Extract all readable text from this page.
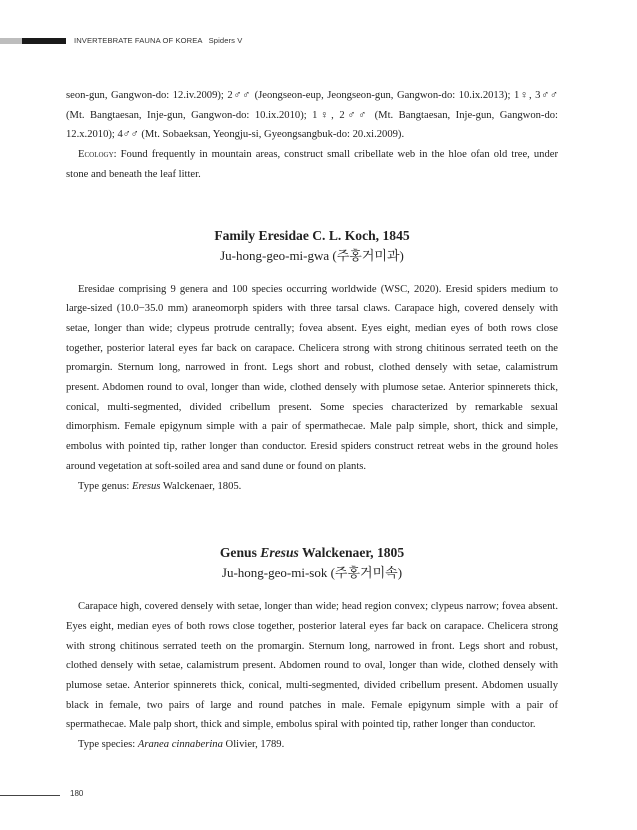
INVERTEBRATE FAUNA OF KOREA Spiders V

seon-gun, Gangwon-do: 12.iv.2009); 2♂♂ (Jeongseon-eup, Jeongseon-gun, Gangwon-do: 10.ix.2013); 1♀, 3♂♂ (Mt. Bangtaesan, Inje-gun, Gangwon-do: 10.ix.2010); 1♀, 2♂♂ (Mt. Bangtaesan, Inje-gun, Gangwon-do: 12.x.2010); 4♂♂ (Mt. Sobaeksan, Yeongju-si, Gyeongsangbuk-do: 20.xi.2009).

Ecology: Found frequently in mountain areas, construct small cribellate web in the hloe ofan old tree, under stone and beneath the leaf litter.

Family Eresidae C. L. Koch, 1845
Ju-hong-geo-mi-gwa (주홍거미과)

Eresidae comprising 9 genera and 100 species occurring worldwide (WSC, 2020). Eresid spiders medium to large-sized (10.0−35.0 mm) araneomorph spiders with three tarsal claws. Carapace high, covered densely with setae, longer than wide; clypeus protrude centrally; fovea absent. Eyes eight, median eyes of both rows close together, posterior lateral eyes far back on carapace. Chelicera strong with strong chitinous serrated teeth on the promargin. Sternum long, narrowed in front. Legs short and robust, clothed densely with setae, calamistrum present. Abdomen round to oval, longer than wide, clothed densely with plumose setae. Anterior spinnerets thick, conical, multi-segmented, divided cribellum present. Some species characterized by remarkable sexual dimorphism. Female epigynum simple with a pair of spermathecae. Male palp simple, short, thick and simple, embolus with pointed tip, rather longer than conductor. Eresid spiders construct retreat webs in the ground holes around vegetation at soft-soiled area and sand dune or found on plants.

Type genus: Eresus Walckenaer, 1805.

Genus Eresus Walckenaer, 1805
Ju-hong-geo-mi-sok (주홍거미속)

Carapace high, covered densely with setae, longer than wide; head region convex; clypeus narrow; fovea absent. Eyes eight, median eyes of both rows close together, posterior lateral eyes far back on carapace. Chelicera strong with strong chitinous serrated teeth on the promargin. Sternum long, narrowed in front. Legs short and robust, clothed densely with setae, calamistrum present. Abdomen round to oval, longer than wide, clothed densely with plumose setae. Anterior spinnerets thick, conical, multi-segmented, divided cribellum present. Abdomen usually black in female, two pairs of large and round patches in male. Female epigynum simple with a pair of spermathecae. Male palp short, thick and simple, embolus spiral with pointed tip, rather longer than conductor.

Type species: Aranea cinnaberina Olivier, 1789.

180
